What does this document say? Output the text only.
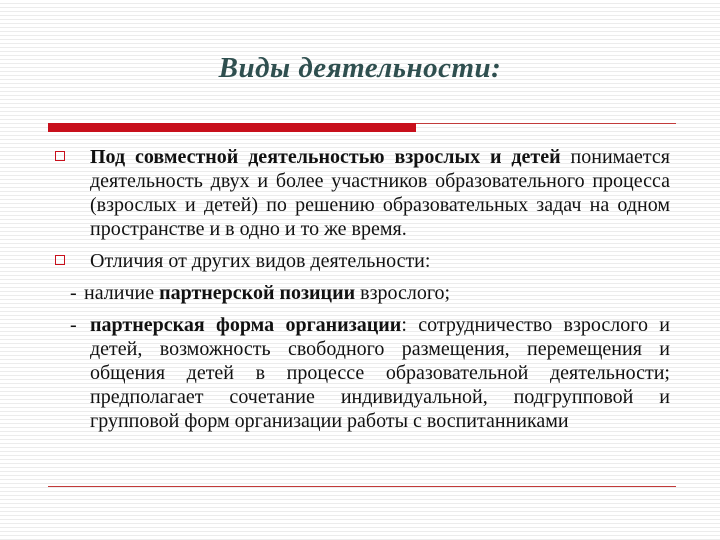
Виды деятельности:

Под совместной деятельностью взрослых и детей понимается деятельность двух и более участников образовательного процесса (взрослых и детей) по решению образовательных задач на одном пространстве и в одно и то же время.

Отличия от других видов деятельности:

- наличие партнерской позиции взрослого;

- партнерская форма организации: сотрудничество взрослого и детей, возможность свободного размещения, перемещения и общения детей в процессе образовательной деятельности; предполагает сочетание индивидуальной, подгрупповой и групповой форм организации работы с воспитанниками
